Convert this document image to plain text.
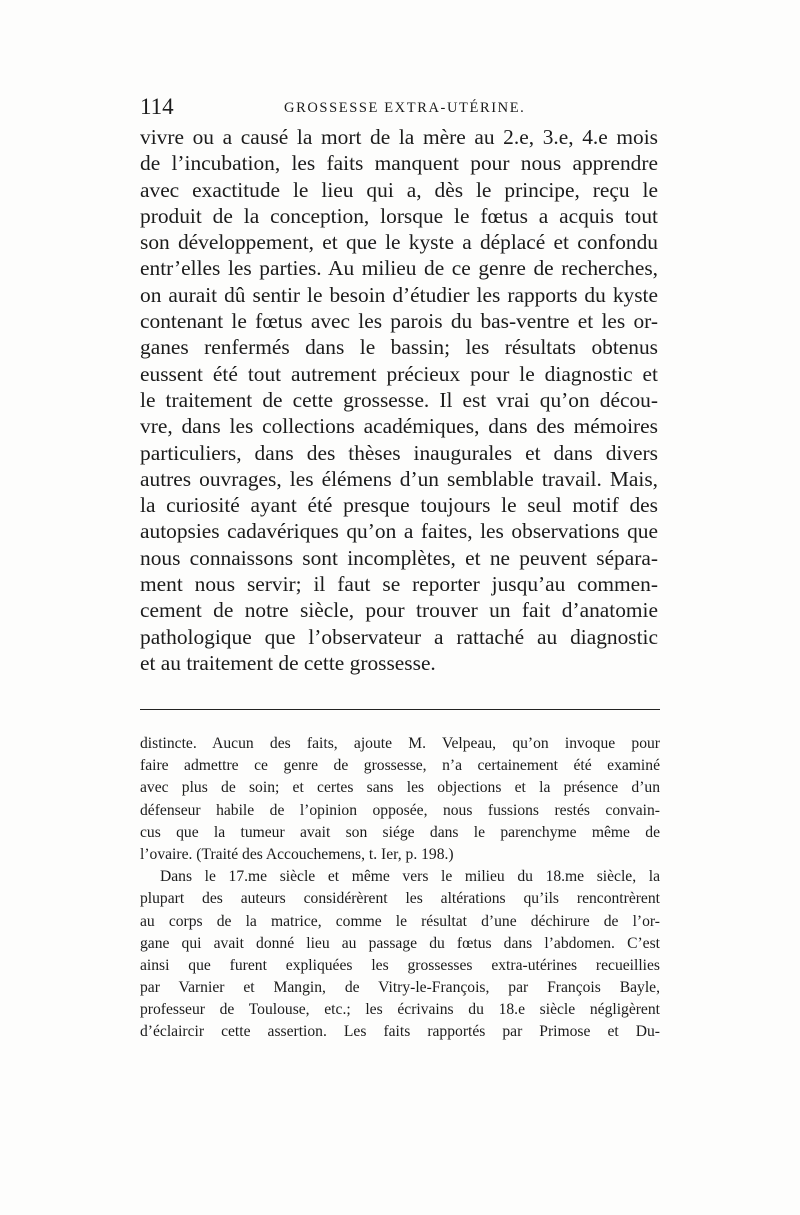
114	GROSSESSE EXTRA-UTÉRINE.
vivre ou a causé la mort de la mère au 2.e, 3.e, 4.e mois
de l’incubation, les faits manquent pour nous apprendre
avec exactitude le lieu qui a, dès le principe, reçu le
produit de la conception, lorsque le fœtus a acquis tout
son développement, et que le kyste a déplacé et confondu
entr’elles les parties. Au milieu de ce genre de recherches,
on aurait dû sentir le besoin d’étudier les rapports du kyste
contenant le fœtus avec les parois du bas-ventre et les or-
ganes renfermés dans le bassin; les résultats obtenus
eussent été tout autrement précieux pour le diagnostic et
le traitement de cette grossesse. Il est vrai qu’on décou-
vre, dans les collections académiques, dans des mémoires
particuliers, dans des thèses inaugurales et dans divers
autres ouvrages, les élémens d’un semblable travail. Mais,
la curiosité ayant été presque toujours le seul motif des
autopsies cadavériques qu’on a faites, les observations que
nous connaissons sont incomplètes, et ne peuvent sépara-
ment nous servir; il faut se reporter jusqu’au commen-
cement de notre siècle, pour trouver un fait d’anatomie
pathologique que l’observateur a rattaché au diagnostic
et au traitement de cette grossesse.
distincte. Aucun des faits, ajoute M. Velpeau, qu’on invoque pour
faire admettre ce genre de grossesse, n’a certainement été examiné
avec plus de soin; et certes sans les objections et la présence d’un
défenseur habile de l’opinion opposée, nous fussions restés convain-
cus que la tumeur avait son siége dans le parenchyme même de
l’ovaire. (Traité des Accouchemens, t. Ier, p. 198.)
Dans le 17.me siècle et même vers le milieu du 18.me siècle, la
plupart des auteurs considérèrent les altérations qu’ils rencontrèrent
au corps de la matrice, comme le résultat d’une déchirure de l’or-
gane qui avait donné lieu au passage du fœtus dans l’abdomen. C’est
ainsi que furent expliquées les grossesses extra-utérines recueillies
par Varnier et Mangin, de Vitry-le-François, par François Bayle,
professeur de Toulouse, etc.; les écrivains du 18.e siècle négligèrent
d’éclaircir cette assertion. Les faits rapportés par Primose et Du-
